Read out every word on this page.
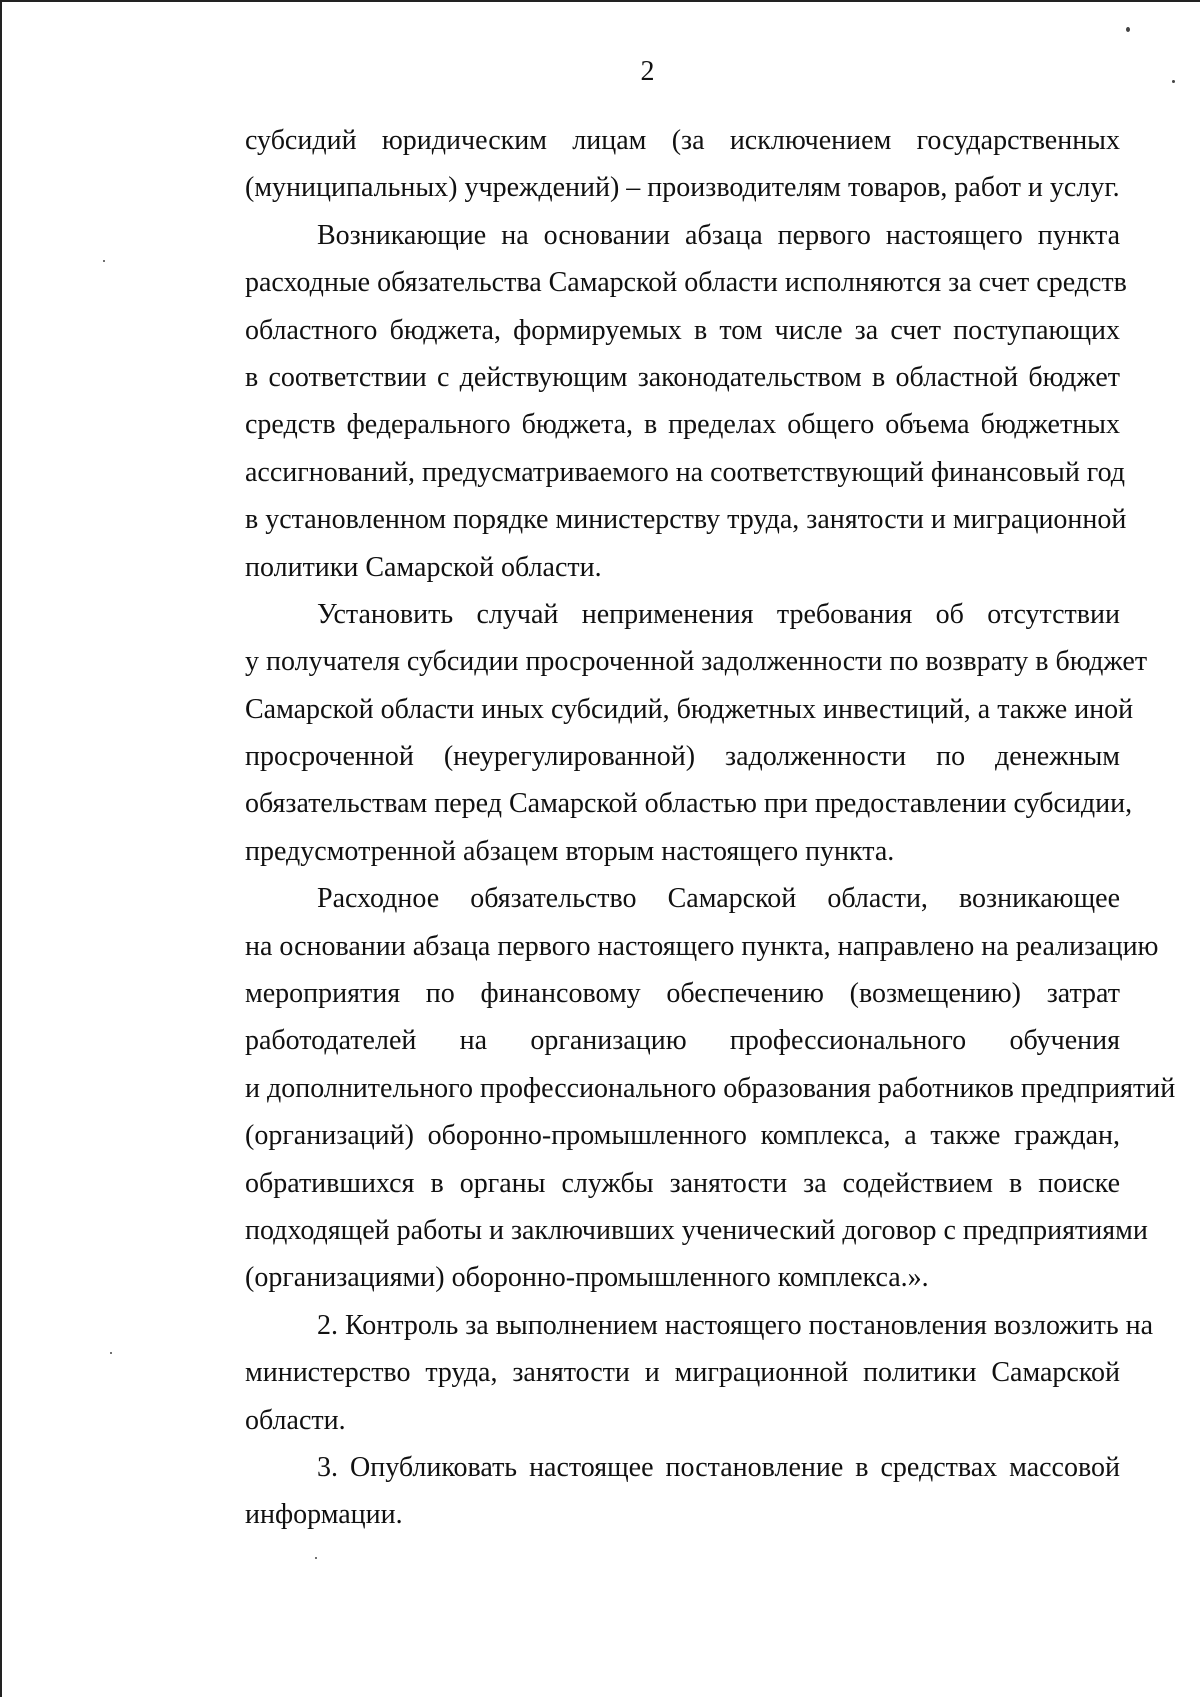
2
субсидий юридическим лицам (за исключением государственных
(муниципальных) учреждений) – производителям товаров, работ и услуг.
Возникающие на основании абзаца первого настоящего пункта
расходные обязательства Самарской области исполняются за счет средств
областного бюджета, формируемых в том числе за счет поступающих
в соответствии с действующим законодательством в областной бюджет
средств федерального бюджета, в пределах общего объема бюджетных
ассигнований, предусматриваемого на соответствующий финансовый год
в установленном порядке министерству труда, занятости и миграционной
политики Самарской области.
Установить случай неприменения требования об отсутствии
у получателя субсидии просроченной задолженности по возврату в бюджет
Самарской области иных субсидий, бюджетных инвестиций, а также иной
просроченной (неурегулированной) задолженности по денежным
обязательствам перед Самарской областью при предоставлении субсидии,
предусмотренной абзацем вторым настоящего пункта.
Расходное обязательство Самарской области, возникающее
на основании абзаца первого настоящего пункта, направлено на реализацию
мероприятия по финансовому обеспечению (возмещению) затрат
работодателей на организацию профессионального обучения
и дополнительного профессионального образования работников предприятий
(организаций) оборонно-промышленного комплекса, а также граждан,
обратившихся в органы службы занятости за содействием в поиске
подходящей работы и заключивших ученический договор с предприятиями
(организациями) оборонно-промышленного комплекса.».
2. Контроль за выполнением настоящего постановления возложить на
министерство труда, занятости и миграционной политики Самарской
области.
3. Опубликовать настоящее постановление в средствах массовой
информации.
